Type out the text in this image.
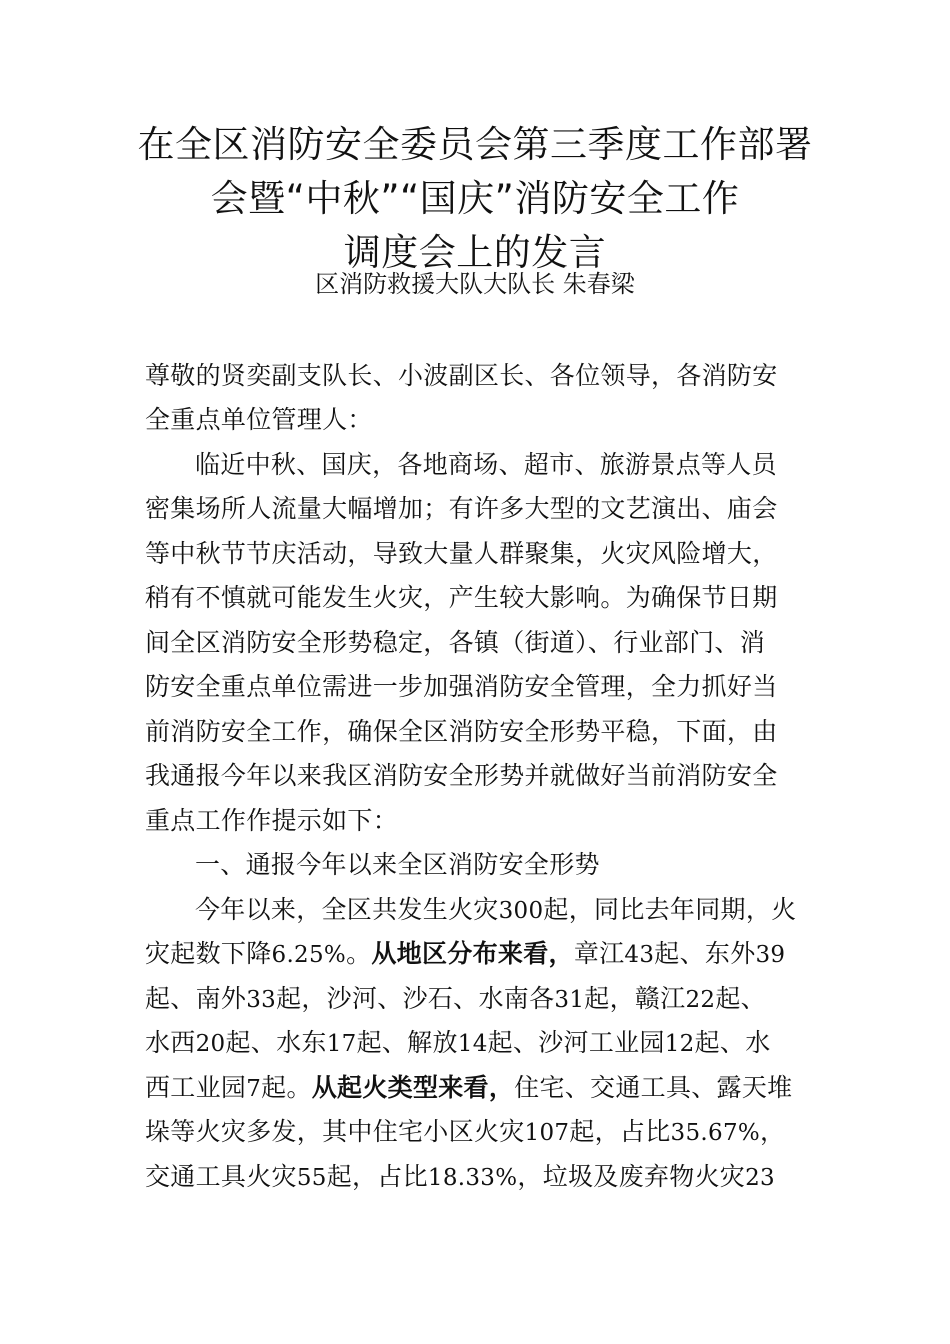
在全区消防安全委员会第三季度工作部署
会暨“中秋”“国庆”消防安全工作
调度会上的发言
区消防救援大队大队长 朱春梁
尊敬的贤奕副支队长、小波副区长、各位领导，各消防安
全重点单位管理人：
临近中秋、国庆，各地商场、超市、旅游景点等人员
密集场所人流量大幅增加；有许多大型的文艺演出、庙会
等中秋节节庆活动，导致大量人群聚集，火灾风险增大，
稍有不慎就可能发生火灾，产生较大影响。为确保节日期
间全区消防安全形势稳定，各镇（街道）、行业部门、消
防安全重点单位需进一步加强消防安全管理，全力抓好当
前消防安全工作，确保全区消防安全形势平稳，下面，由
我通报今年以来我区消防安全形势并就做好当前消防安全
重点工作作提示如下：
一、通报今年以来全区消防安全形势
今年以来，全区共发生火灾300起，同比去年同期，火
灾起数下降6.25%。从地区分布来看，章江43起、东外39
起、南外33起，沙河、沙石、水南各31起，赣江22起、
水西20起、水东17起、解放14起、沙河工业园12起、水
西工业园7起。从起火类型来看，住宅、交通工具、露天堆
垛等火灾多发，其中住宅小区火灾107起，占比35.67%，
交通工具火灾55起，占比18.33%，垃圾及废弃物火灾23
